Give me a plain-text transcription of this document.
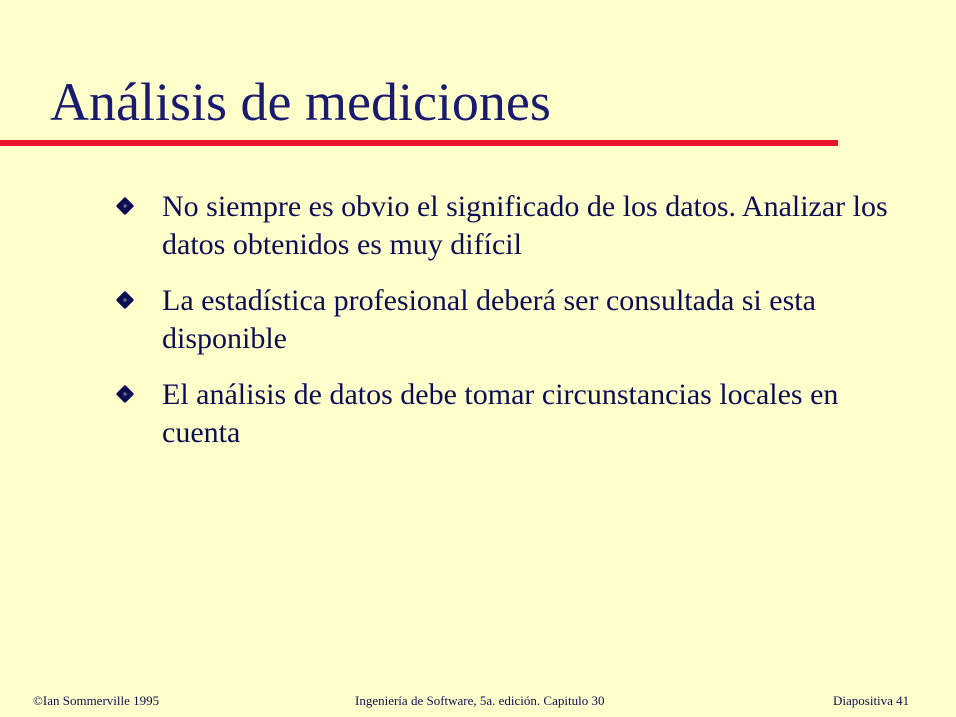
Análisis de mediciones
No siempre es obvio el significado de los datos. Analizar los datos obtenidos es muy difícil
La estadística profesional deberá ser consultada si esta disponible
El análisis de datos debe tomar circunstancias locales en cuenta
©Ian Sommerville 1995	Ingeniería de Software, 5a. edición. Capitulo 30	Diapositiva 41
